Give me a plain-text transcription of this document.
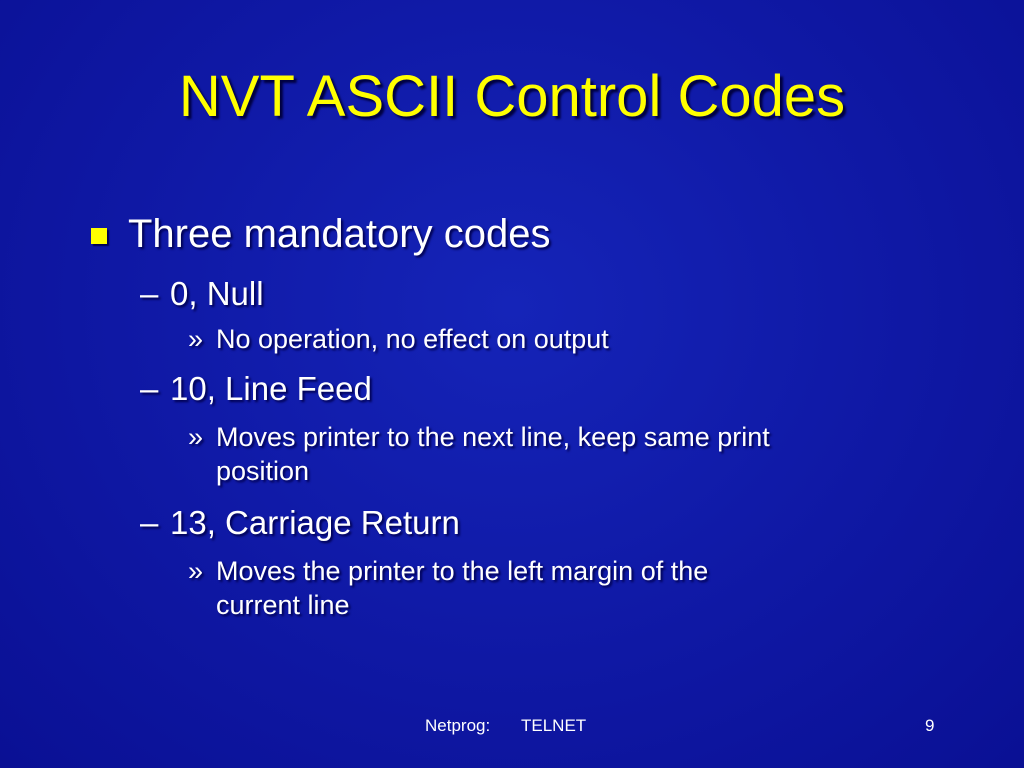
NVT ASCII Control Codes
Three mandatory codes
– 0, Null
» No operation, no effect on output
– 10, Line Feed
» Moves printer to the next line, keep same print
position
– 13, Carriage Return
» Moves the printer to the left margin of the
current line
Netprog: TELNET	9
